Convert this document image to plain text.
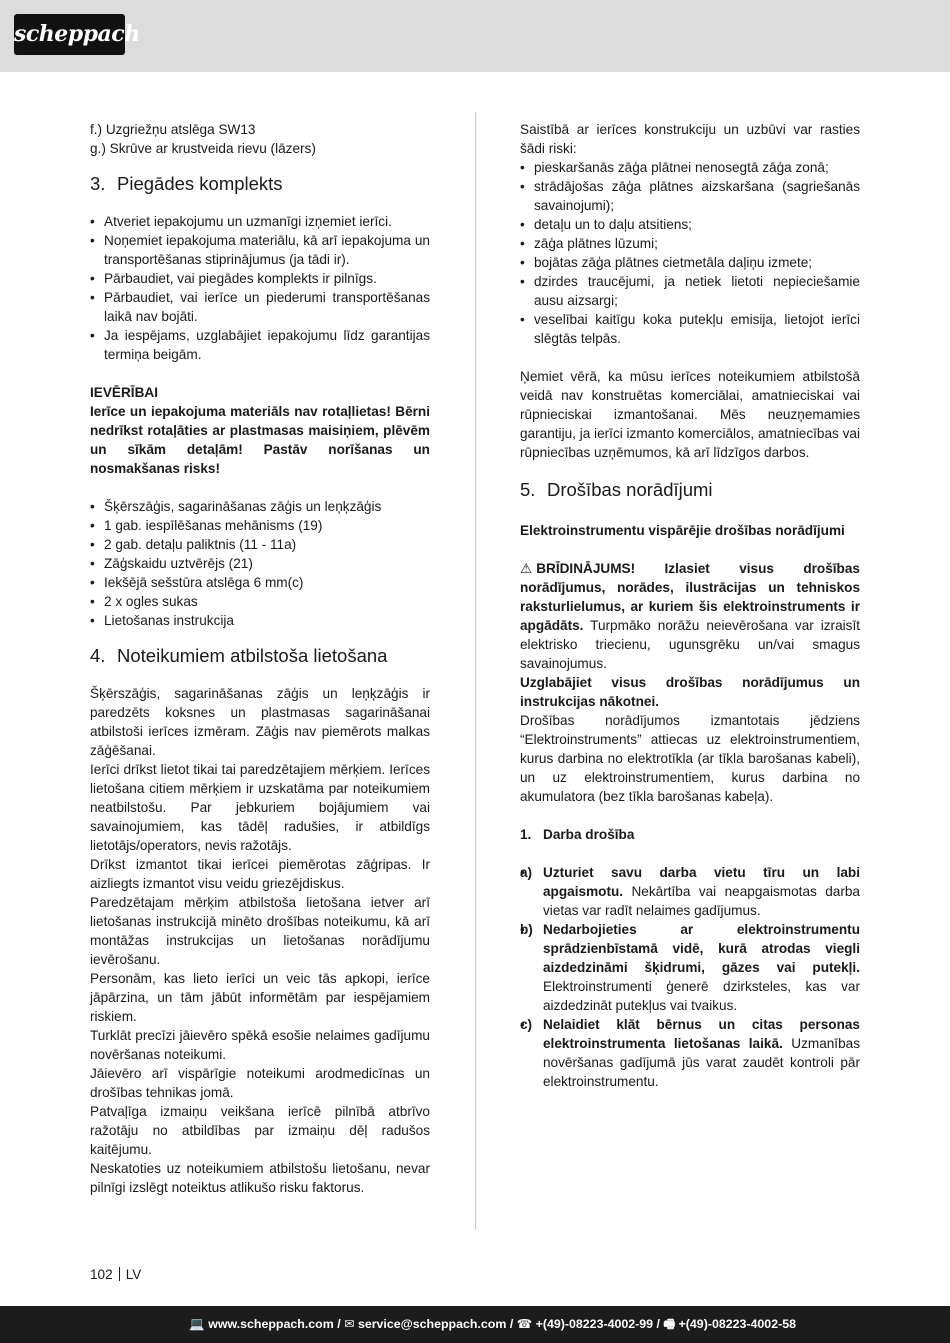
scheppach

f.) Uzgriežņu atslēga SW13

g.) Skrūve ar krustveida rievu (lāzers)

3. Piegādes komplekts
• Atveriet iepakojumu un uzmanīgi izņemiet ierīci.
• Noņemiet iepakojuma materiālu, kā arī iepakojuma un transportēšanas stiprinājumus (ja tādi ir).
• Pārbaudiet, vai piegādes komplekts ir pilnīgs.
• Pārbaudiet, vai ierīce un piederumi transportēšanas laikā nav bojāti.
• Ja iespējams, uzglabājiet iepakojumu līdz garantijas termiņa beigām.

IEVĒRĪBAI

Ierīce un iepakojuma materiāls nav rotaļlietas! Bērni nedrīkst rotaļāties ar plastmasas maisiņiem, plēvēm un sīkām detaļām! Pastāv norīšanas un nosmakšanas risks!

• Šķērszāģis, sagarināšanas zāģis un leņķzāģis
• 1 gab. iespīlēšanas mehānisms (19)
• 2 gab. detaļu paliktnis (11 - 11a)
• Zāģskaidu uztvērējs (21)
• Iekšējā sešstūra atslēga 6 mm(c)
• 2 x ogles sukas
• Lietošanas instrukcija
4. Noteikumiem atbilstoša lietošana

Šķērszāģis, sagarināšanas zāģis un leņķzāģis ir paredzēts koksnes un plastmasas sagarināšanai atbilstoši ierīces izmēram. Zāģis nav piemērots malkas zāģēšanai.

Ierīci drīkst lietot tikai tai paredzētajiem mērķiem. Ierīces lietošana citiem mērķiem ir uzskatāma par noteikumiem neatbilstošu. Par jebkuriem bojājumiem vai savainojumiem, kas tādēļ radušies, ir atbildīgs lietotājs/operators, nevis ražotājs.

Drīkst izmantot tikai ierīcei piemērotas zāģripas. Ir aizliegts izmantot visu veidu griezējdiskus.

Paredzētajam mērķim atbilstoša lietošana ietver arī lietošanas instrukcijā minēto drošības noteikumu, kā arī montāžas instrukcijas un lietošanas norādījumu ievērošanu.

Personām, kas lieto ierīci un veic tās apkopi, ierīce jāpārzina, un tām jābūt informētām par iespējamiem riskiem.

Turklāt precīzi jāievēro spēkā esošie nelaimes gadījumu novēršanas noteikumi.

Jāievēro arī vispārīgie noteikumi arodmedicīnas un drošības tehnikas jomā.

Patvaļīga izmaiņu veikšana ierīcē pilnībā atbrīvo ražotāju no atbildības par izmaiņu dēļ radušos kaitējumu.

Neskatoties uz noteikumiem atbilstošu lietošanu, nevar pilnīgi izslēgt noteiktus atlikušo risku faktorus.

Saistībā ar ierīces konstrukciju un uzbūvi var rasties šādi riski:

• pieskaršanās zāģa plātnei nenosegtā zāģa zonā;
• strādājošas zāģa plātnes aizskaršana (sagriešanās savainojumi);
• detaļu un to daļu atsitiens;
• zāģa plātnes lūzumi;
• bojātas zāģa plātnes cietmetāla daļiņu izmete;
• dzirdes traucējumi, ja netiek lietoti nepieciešamie ausu aizsargi;
• veselībai kaitīgu koka putekļu emisija, lietojot ierīci slēgtās telpās.

Ņemiet vērā, ka mūsu ierīces noteikumiem atbilstošā veidā nav konstruētas komerciālai, amatnieciskai vai rūpnieciskai izmantošanai. Mēs neuzņemamies garantiju, ja ierīci izmanto komerciālos, amatniecības vai rūpniecības uzņēmumos, kā arī līdzīgos darbos.

5. Drošības norādījumi

Elektroinstrumentu vispārējie drošības norādījumi

⚠ BRĪDINĀJUMS! Izlasiet visus drošības norādījumus, norādes, ilustrācijas un tehniskos raksturlielumus, ar kuriem šis elektroinstruments ir apgādāts. Turpmāko norāžu neievērošana var izraisīt elektrisko triecienu, ugunsgrēku un/vai smagus savainojumus.

Uzglabājiet visus drošības norādījumus un instrukcijas nākotnei.

Drošības norādījumos izmantotais jēdziens “Elektroinstruments” attiecas uz elektroinstrumentiem, kurus darbina no elektrotīkla (ar tīkla barošanas kabeli), un uz elektroinstrumentiem, kurus darbina no akumulatora (bez tīkla barošanas kabeļa).

1. Darba drošība

• a) Uzturiet savu darba vietu tīru un labi apgaismotu. Nekārtība vai neapgaismotas darba vietas var radīt nelaimes gadījumus.
• b) Nedarbojieties ar elektroinstrumentu sprādzienbīstamā vidē, kurā atrodas viegli aizdedzināmi šķidrumi, gāzes vai putekļi. Elektroinstrumenti ģenerē dzirksteles, kas var aizdedzināt putekļus vai tvaikus.
• c) Nelaidiet klāt bērnus un citas personas elektroinstrumenta lietošanas laikā. Uzmanības novēršanas gadījumā jūs varat zaudēt kontroli pār elektroinstrumentu.
102 LV
💻 www.scheppach.com / ✉ service@scheppach.com / ☎ +(49)-08223-4002-99 / 🖷 +(49)-08223-4002-58
